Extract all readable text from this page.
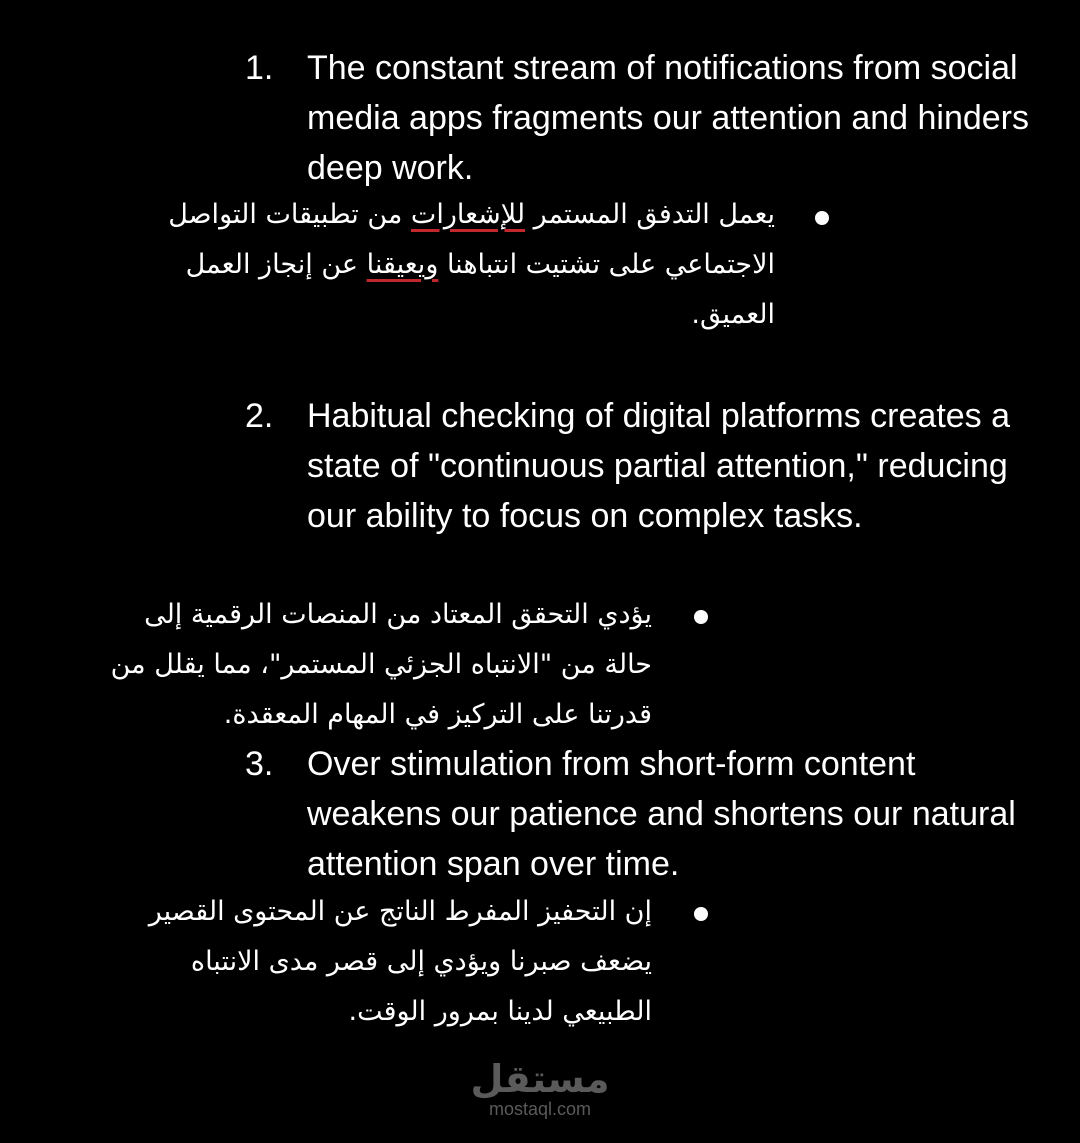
1. The constant stream of notifications from social media apps fragments our attention and hinders deep work.
يعمل التدفق المستمر للإشعارات من تطبيقات التواصل
الاجتماعي على تشتيت انتباهنا ويعيقنا عن إنجاز العمل
العميق.
2. Habitual checking of digital platforms creates a state of "continuous partial attention," reducing our ability to focus on complex tasks.
يؤدي التحقق المعتاد من المنصات الرقمية إلى
حالة من "الانتباه الجزئي المستمر"، مما يقلل من
قدرتنا على التركيز في المهام المعقدة.
3. Over stimulation from short-form content weakens our patience and shortens our natural attention span over time.
إن التحفيز المفرط الناتج عن المحتوى القصير
يضعف صبرنا ويؤدي إلى قصر مدى الانتباه
الطبيعي لدينا بمرور الوقت.
مستقل
mostaql.com
